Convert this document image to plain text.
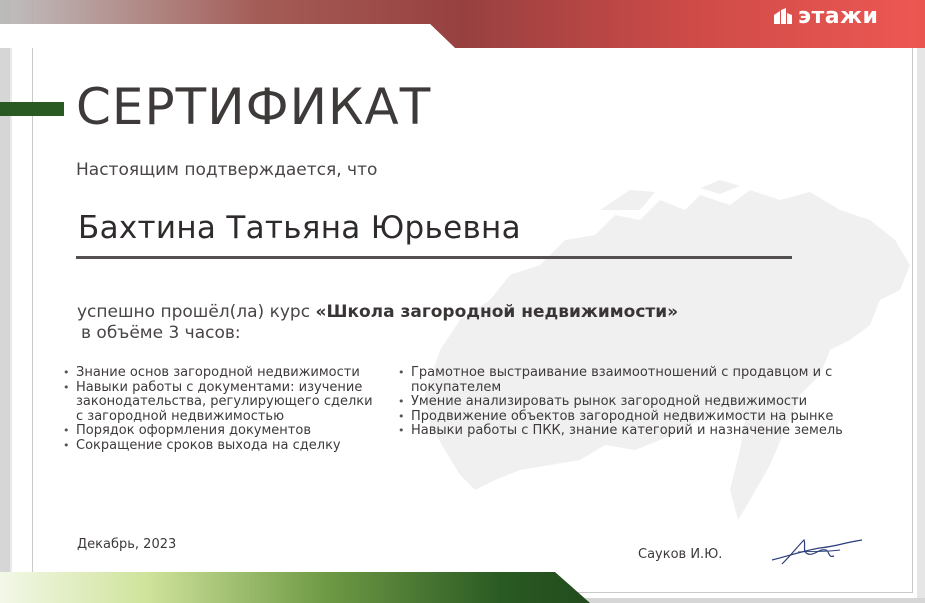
этажи
СЕРТИФИКАТ
Настоящим подтверждается, что
Бахтина Татьяна Юрьевна
успешно прошёл(ла) курс «Школа загородной недвижимости»
в объёме 3 часов:
• Знание основ загородной недвижимости
• Навыки работы с документами: изучение законодательства, регулирующего сделки с загородной недвижимостью
• Порядок оформления документов
• Сокращение сроков выхода на сделку
• Грамотное выстраивание взаимоотношений с продавцом и с покупателем
• Умение анализировать рынок загородной недвижимости
• Продвижение объектов загородной недвижимости на рынке
• Навыки работы с ПКК, знание категорий и назначение земель
Декабрь, 2023
Сауков И.Ю.
